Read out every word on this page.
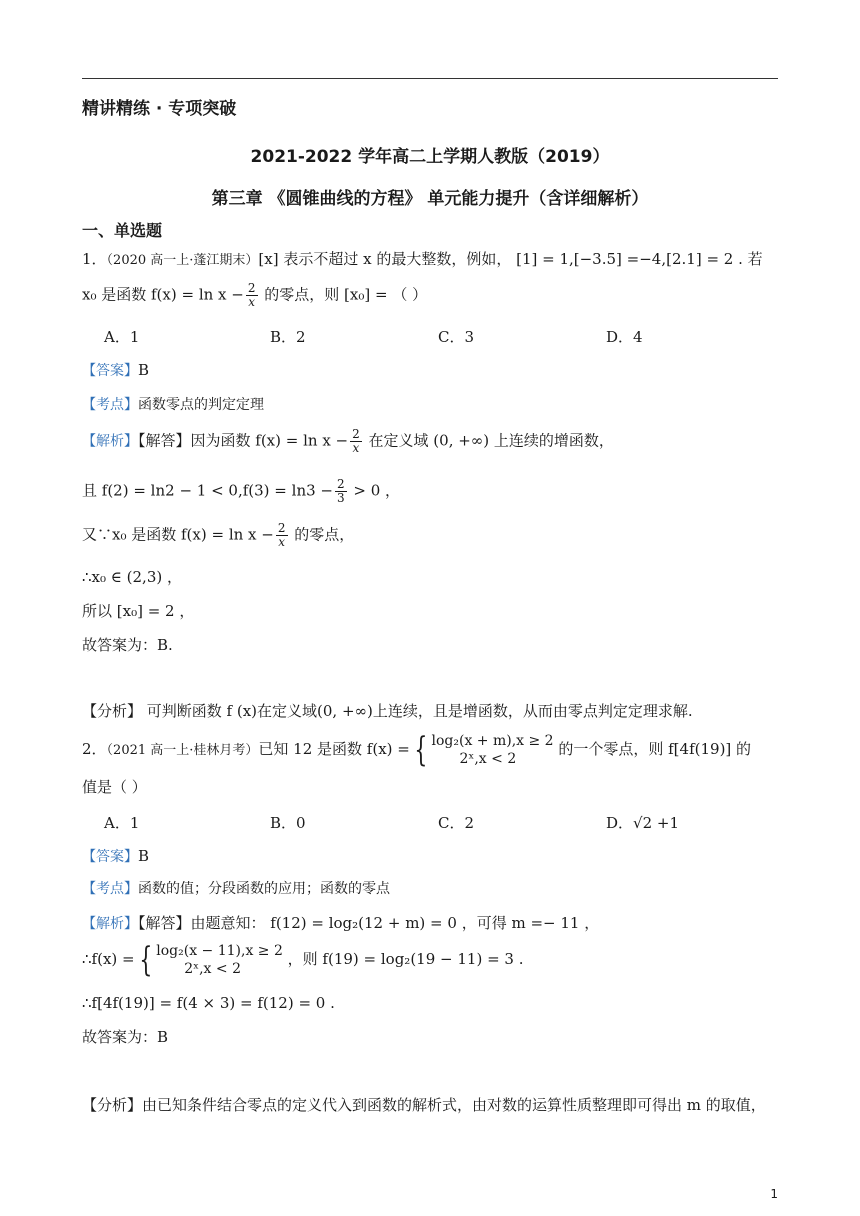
精讲精练 · 专项突破
2021-2022 学年高二上学期人教版（2019）
第三章 《圆锥曲线的方程》 单元能力提升（含详细解析）
一、单选题
1．（2020 高一上·蓬江期末）[x] 表示不超过 x 的最大整数，例如， [1] = 1,[−3.5] =−4,[2.1] = 2 . 若
x₀ 是函数 $f(x) = \ln x - \frac{2}{x}$ 的零点，则 [x₀] = （ ）
A．1	B．2	C．3	D．4
【答案】B
【考点】函数零点的判定定理
【解析】【解答】因为函数 $f(x) = \ln x - \frac{2}{x}$ 在定义域 (0, +∞) 上连续的增函数，
且 $f(2) = \ln 2 - 1 < 0,f(3) = \ln 3 - \frac{2}{3} > 0$ ，
又∵x₀ 是函数 $f(x) = \ln x - \frac{2}{x}$ 的零点，
∴x₀ ∈ (2,3) ，
所以 [x₀] = 2 ，
故答案为：B.
【分析】 可判断函数 f (x)在定义域(0, +∞)上连续，且是增函数，从而由零点判定定理求解.
2．（2021 高一上·桂林月考）已知 12 是函数 f(x) = { log₂(x + m),x ≥ 2
2ˣ,x < 2
的一个零点，则 f[4f(19)] 的
值是（ ）
A．1	B．0	C．2	D．√2 +1
【答案】B
【考点】函数的值；分段函数的应用；函数的零点
【解析】【解答】由题意知： f(12) = log₂(12 + m) = 0 ，可得 m =− 11 ，
∴f(x) = { log₂(x − 11),x ≥ 2
2ˣ,x < 2
，则 f(19) = log₂(19 − 11) = 3 .
∴f[4f(19)] = f(4 × 3) = f(12) = 0 .
故答案为：B
【分析】由已知条件结合零点的定义代入到函数的解析式，由对数的运算性质整理即可得出 m 的取值，
1
